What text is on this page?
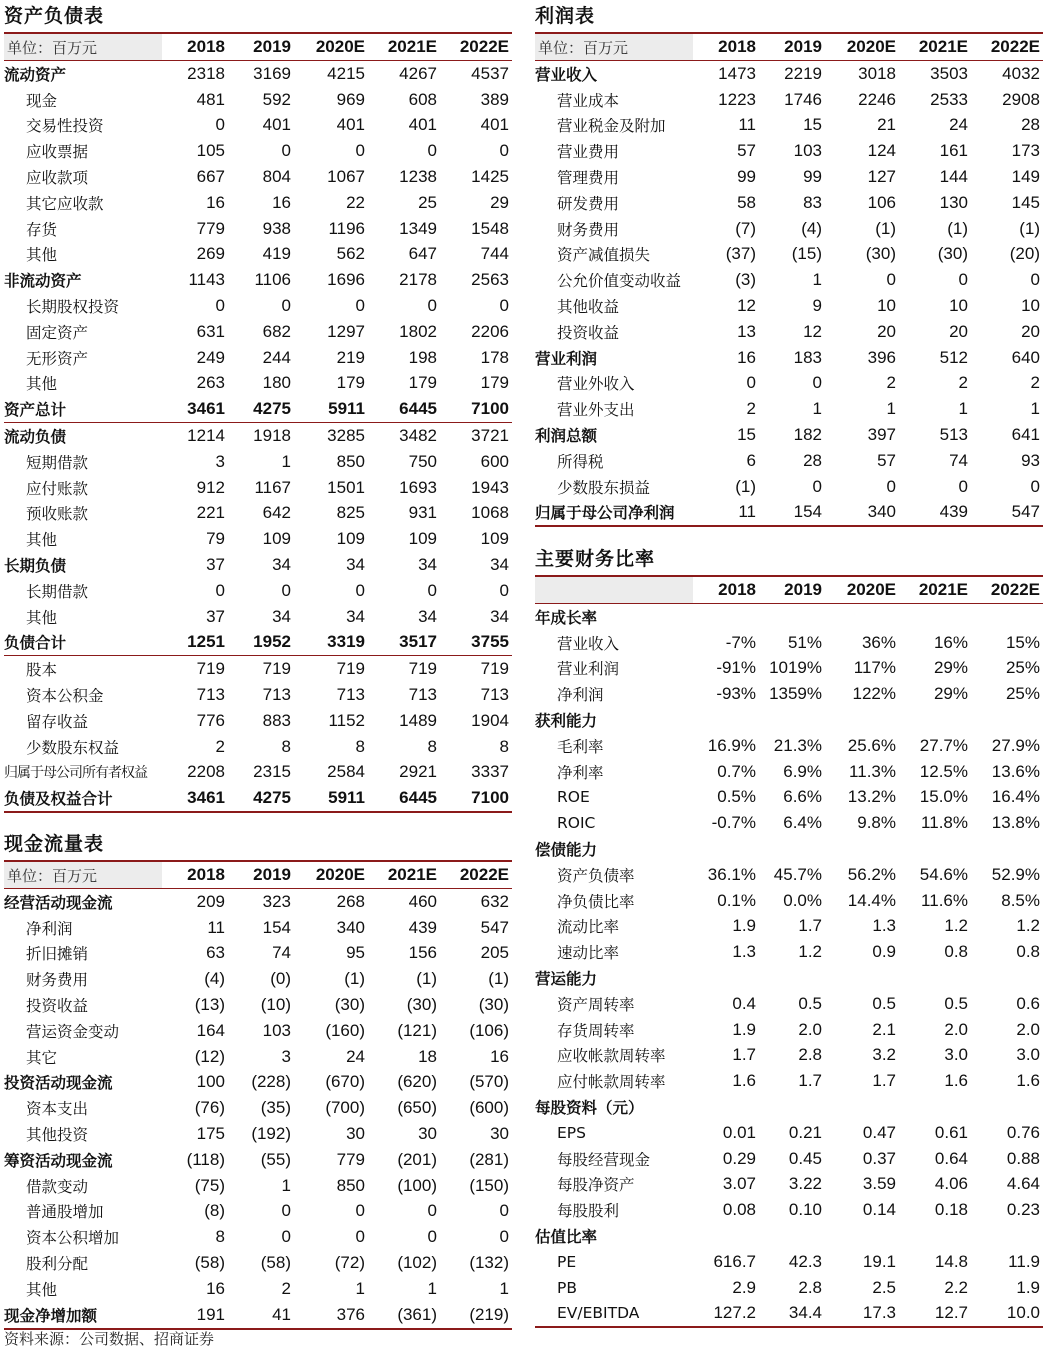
资产负债表
单位：百万元	2018	2019	2020E	2021E	2022E
流动资产	2318	3169	4215	4267	4537
现金	481	592	969	608	389
交易性投资	0	401	401	401	401
应收票据	105	0	0	0	0
应收款项	667	804	1067	1238	1425
其它应收款	16	16	22	25	29
存货	779	938	1196	1349	1548
其他	269	419	562	647	744
非流动资产	1143	1106	1696	2178	2563
长期股权投资	0	0	0	0	0
固定资产	631	682	1297	1802	2206
无形资产	249	244	219	198	178
其他	263	180	179	179	179
资产总计	3461	4275	5911	6445	7100
流动负债	1214	1918	3285	3482	3721
短期借款	3	1	850	750	600
应付账款	912	1167	1501	1693	1943
预收账款	221	642	825	931	1068
其他	79	109	109	109	109
长期负债	37	34	34	34	34
长期借款	0	0	0	0	0
其他	37	34	34	34	34
负债合计	1251	1952	3319	3517	3755
股本	719	719	719	719	719
资本公积金	713	713	713	713	713
留存收益	776	883	1152	1489	1904
少数股东权益	2	8	8	8	8
归属于母公司所有者权益	2208	2315	2584	2921	3337
负债及权益合计	3461	4275	5911	6445	7100
现金流量表
单位：百万元	2018	2019	2020E	2021E	2022E
经营活动现金流	209	323	268	460	632
净利润	11	154	340	439	547
折旧摊销	63	74	95	156	205
财务费用	(4)	(0)	(1)	(1)	(1)
投资收益	(13)	(10)	(30)	(30)	(30)
营运资金变动	164	103	(160)	(121)	(106)
其它	(12)	3	24	18	16
投资活动现金流	100	(228)	(670)	(620)	(570)
资本支出	(76)	(35)	(700)	(650)	(600)
其他投资	175	(192)	30	30	30
筹资活动现金流	(118)	(55)	779	(201)	(281)
借款变动	(75)	1	850	(100)	(150)
普通股增加	(8)	0	0	0	0
资本公积增加	8	0	0	0	0
股利分配	(58)	(58)	(72)	(102)	(132)
其他	16	2	1	1	1
现金净增加额	191	41	376	(361)	(219)
利润表
单位：百万元	2018	2019	2020E	2021E	2022E
营业收入	1473	2219	3018	3503	4032
营业成本	1223	1746	2246	2533	2908
营业税金及附加	11	15	21	24	28
营业费用	57	103	124	161	173
管理费用	99	99	127	144	149
研发费用	58	83	106	130	145
财务费用	(7)	(4)	(1)	(1)	(1)
资产减值损失	(37)	(15)	(30)	(30)	(20)
公允价值变动收益	(3)	1	0	0	0
其他收益	12	9	10	10	10
投资收益	13	12	20	20	20
营业利润	16	183	396	512	640
营业外收入	0	0	2	2	2
营业外支出	2	1	1	1	1
利润总额	15	182	397	513	641
所得税	6	28	57	74	93
少数股东损益	(1)	0	0	0	0
归属于母公司净利润	11	154	340	439	547
主要财务比率
	2018	2019	2020E	2021E	2022E
年成长率					
营业收入	-7%	51%	36%	16%	15%
营业利润	-91%	1019%	117%	29%	25%
净利润	-93%	1359%	122%	29%	25%
获利能力					
毛利率	16.9%	21.3%	25.6%	27.7%	27.9%
净利率	0.7%	6.9%	11.3%	12.5%	13.6%
ROE	0.5%	6.6%	13.2%	15.0%	16.4%
ROIC	-0.7%	6.4%	9.8%	11.8%	13.8%
偿债能力					
资产负债率	36.1%	45.7%	56.2%	54.6%	52.9%
净负债比率	0.1%	0.0%	14.4%	11.6%	8.5%
流动比率	1.9	1.7	1.3	1.2	1.2
速动比率	1.3	1.2	0.9	0.8	0.8
营运能力					
资产周转率	0.4	0.5	0.5	0.5	0.6
存货周转率	1.9	2.0	2.1	2.0	2.0
应收帐款周转率	1.7	2.8	3.2	3.0	3.0
应付帐款周转率	1.6	1.7	1.7	1.6	1.6
每股资料（元）					
EPS	0.01	0.21	0.47	0.61	0.76
每股经营现金	0.29	0.45	0.37	0.64	0.88
每股净资产	3.07	3.22	3.59	4.06	4.64
每股股利	0.08	0.10	0.14	0.18	0.23
估值比率					
PE	616.7	42.3	19.1	14.8	11.9
PB	2.9	2.8	2.5	2.2	1.9
EV/EBITDA	127.2	34.4	17.3	12.7	10.0
资料来源：公司数据、招商证券
